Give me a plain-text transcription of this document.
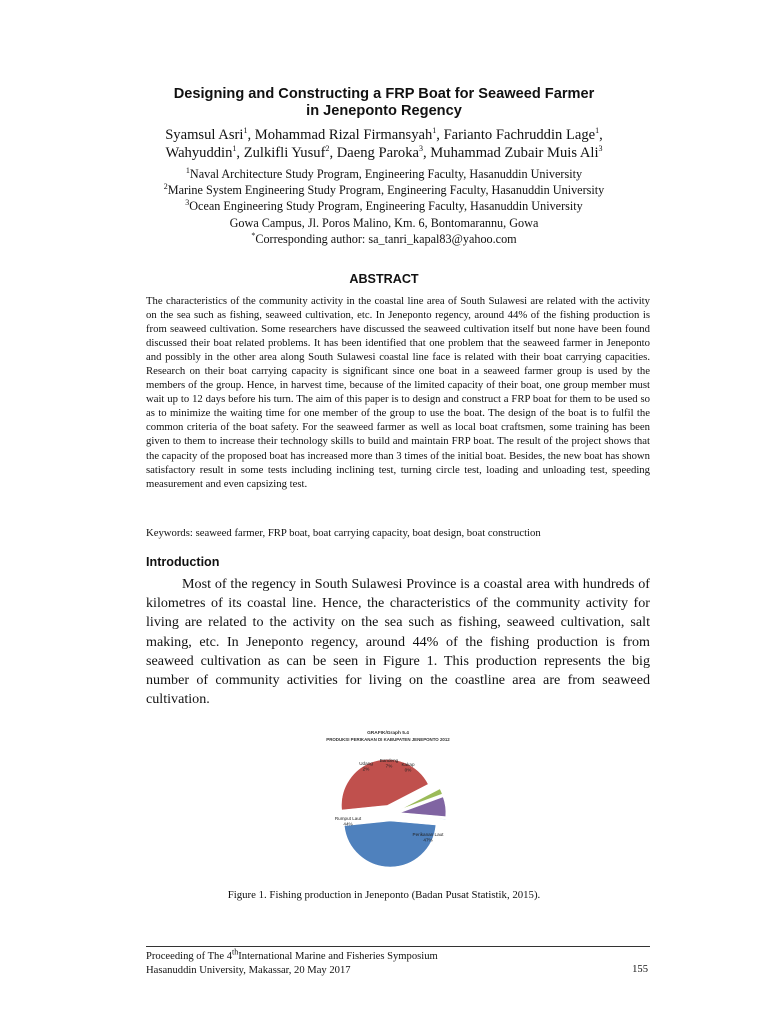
Designing and Constructing a FRP Boat for Seaweed Farmer
in Jeneponto Regency
Syamsul Asri$^1$, Mohammad Rizal Firmansyah$^1$, Farianto Fachruddin Lage$^1$,
Wahyuddin$^1$, Zulkifli Yusuf$^2$, Daeng Paroka$^3$, Muhammad Zubair Muis Ali$^3$
$^1$Naval Architecture Study Program, Engineering Faculty, Hasanuddin University
$^2$Marine System Engineering Study Program, Engineering Faculty, Hasanuddin University
$^3$Ocean Engineering Study Program, Engineering Faculty, Hasanuddin University
Gowa Campus, Jl. Poros Malino, Km. 6, Bontomarannu, Gowa
*Corresponding author: sa_tanri_kapal83@yahoo.com
ABSTRACT

The characteristics of the community activity in the coastal line area of South Sulawesi are related with the activity on the sea such as fishing, seaweed cultivation, etc. In Jeneponto regency, around 44% of the fishing production is from seaweed cultivation. Some researchers have discussed the seaweed cultivation itself but none have been found discussed their boat related problems. It has been identified that one problem that the seaweed farmer in Jeneponto and possibly in the other area along South Sulawesi coastal line face is related with their boat carrying capacities. Research on their boat carrying capacity is significant since one boat in a seaweed farmer group is used by the members of the group. Hence, in harvest time, because of the limited capacity of their boat, one group member must wait up to 12 days before his turn. The aim of this paper is to design and construct a FRP boat for them to be used so as to minimize the waiting time for one member of the group to use the boat. The design of the boat is to fulfil the common criteria of the boat safety. For the seaweed farmer as well as local boat craftsmen, some training has been given to them to increase their technology skills to build and maintain FRP boat. The result of the project shows that the capacity of the proposed boat has increased more than 3 times of the initial boat. Besides, the new boat has shown satisfactory result in some tests including inclining test, turning circle test, loading and unloading test, speeding measurement and even capsizing test.

Keywords: seaweed farmer, FRP boat, boat carrying capacity, boat design, boat construction

Introduction

Most of the regency in South Sulawesi Province is a coastal area with hundreds of kilometres of its coastal line. Hence, the characteristics of the community activity for living are related to the activity on the sea such as fishing, seaweed cultivation, salt making, etc. In Jeneponto regency, around 44% of the fishing production is from seaweed cultivation as can be seen in Figure 1. This production represents the big number of community activities for living on the coastline area are from seaweed cultivation.

GRAFIK/Graph 5.4
PRODUKSI PERIKANAN DI KABUPATEN JENEPONTO 2012
Perikanan Laut
47%
Rumput Laut
44%
Udang
2%
Bandeng
7% Kakap
0%
Figure 1. Fishing production in Jeneponto (Badan Pusat Statistik, 2015).
Proceeding of The 4thInternational Marine and Fisheries Symposium
Hasanuddin University, Makassar, 20 May 2017	155
